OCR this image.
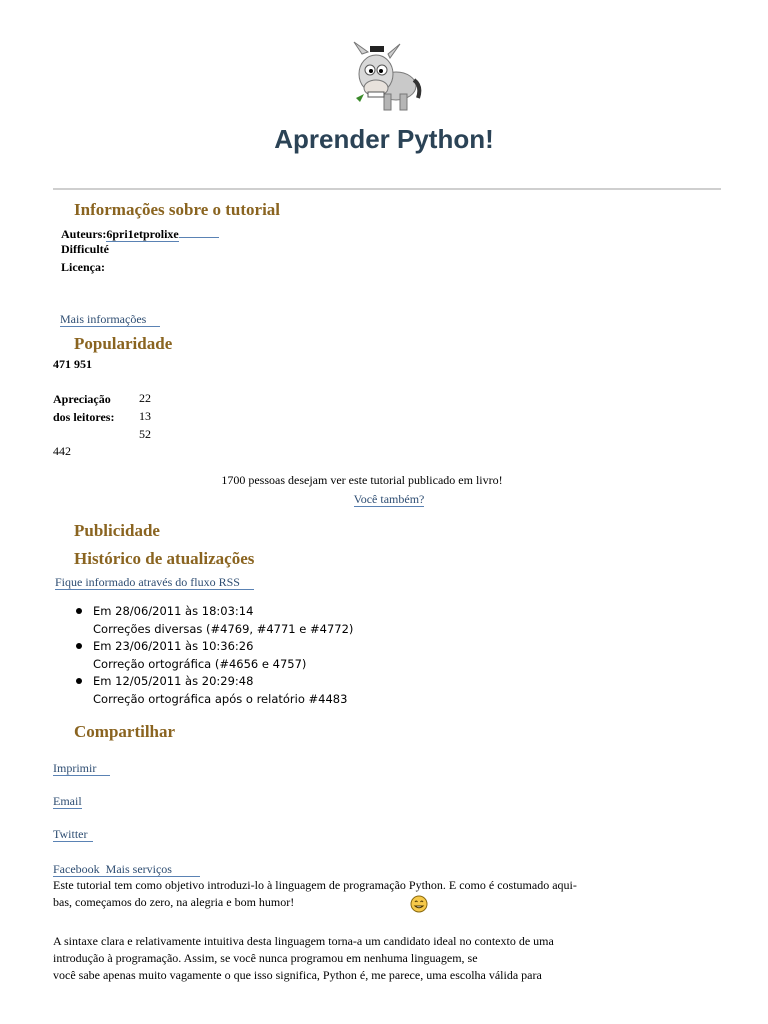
Aprender Python!
Informações sobre o tutorial
Auteurs:6pri1etprolixe
Difficulté
Licença:
Mais informações
Popularidade
471 951
Apreciação
dos leitores:
22
13
52
442
1700 pessoas desejam ver este tutorial publicado em livro!
Você também?
Publicidade
Histórico de atualizações
Fique informado através do fluxo RSS
Em 28/06/2011 às 18:03:14
Correções diversas (#4769, #4771 e #4772)
Em 23/06/2011 às 10:36:26
Correção ortográfica (#4656 e 4757)
Em 12/05/2011 às 20:29:48
Correção ortográfica após o relatório #4483
Compartilhar
Imprimir
Email
Twitter
Facebook Mais serviços
Este tutorial tem como objetivo introduzi-lo à linguagem de programação Python. E como é costumado aqui-
bas, começamos do zero, na alegria e bom humor!
A sintaxe clara e relativamente intuitiva desta linguagem torna-a um candidato ideal no contexto de uma
introdução à programação. Assim, se você nunca programou em nenhuma linguagem, se
você sabe apenas muito vagamente o que isso significa, Python é, me parece, uma escolha válida para
